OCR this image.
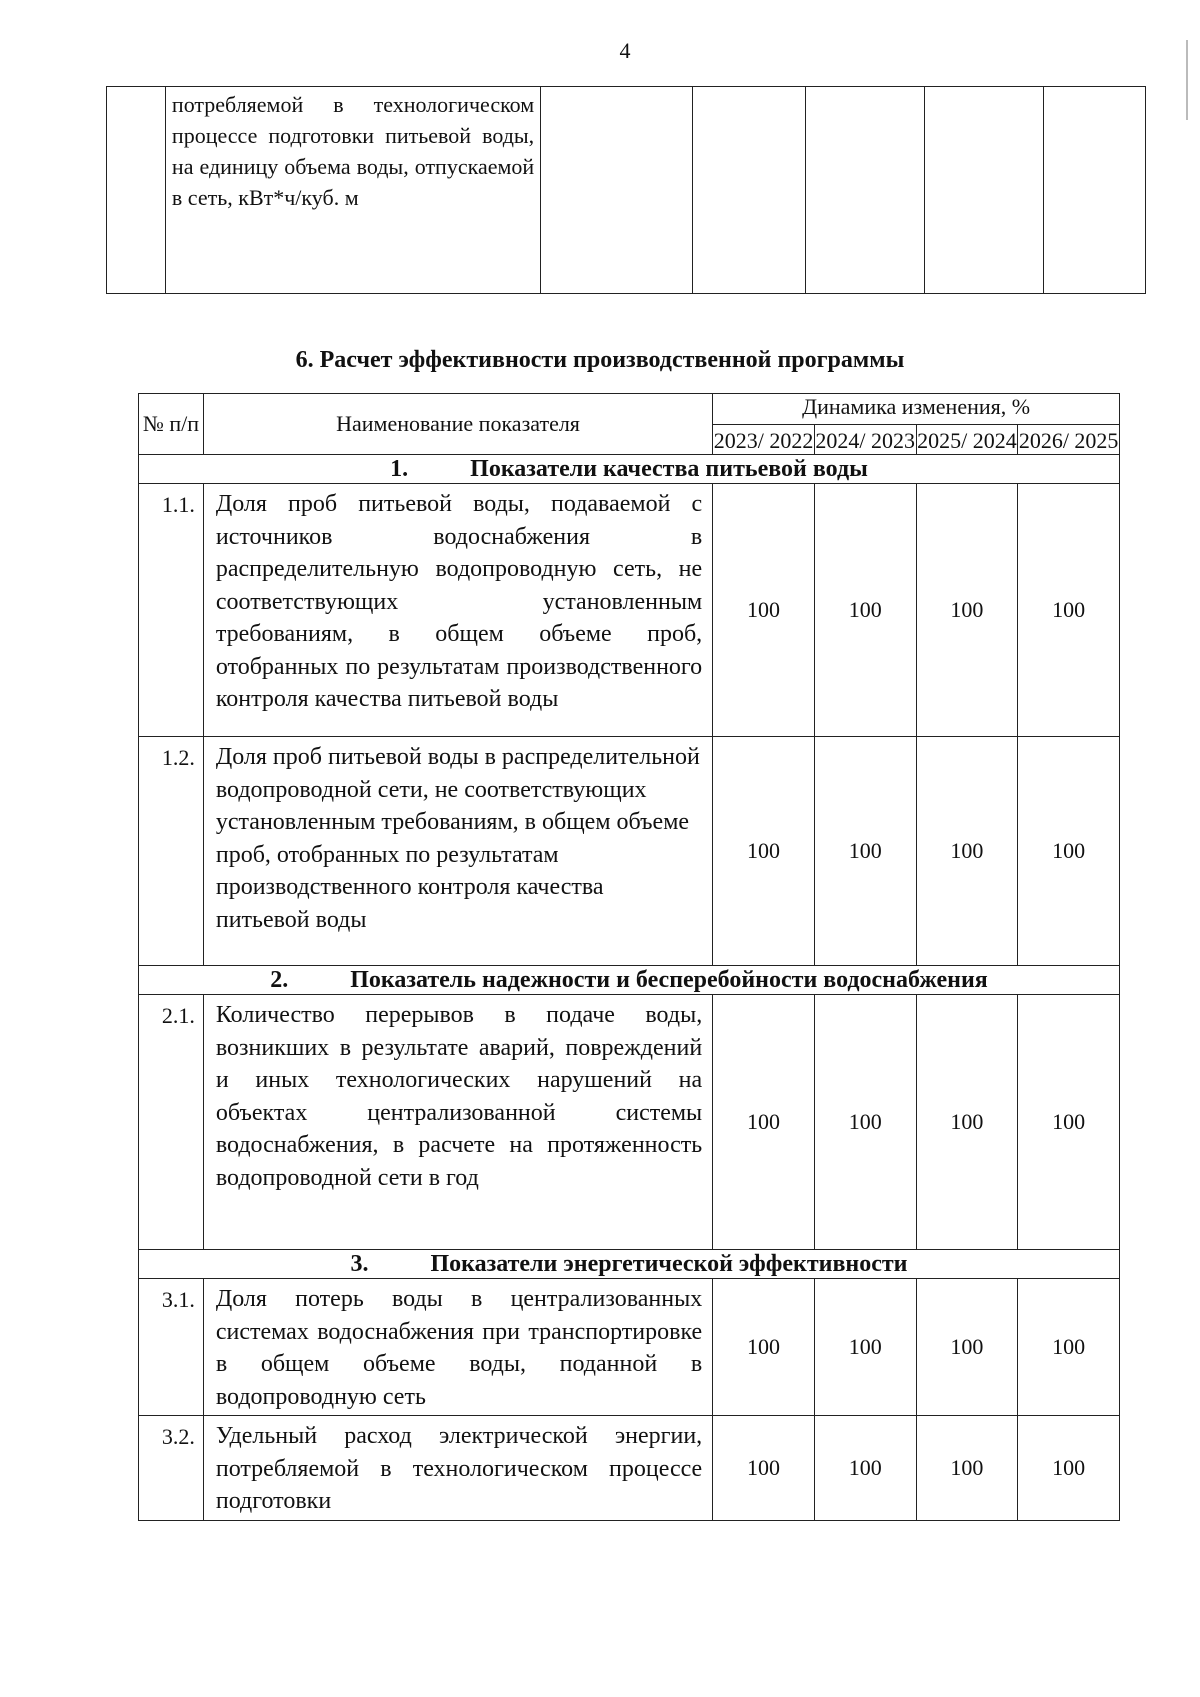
4

потребляемой в технологическом процессе подготовки питьевой воды, на единицу объема воды, отпускаемой в сеть, кВт*ч/куб. м

6. Расчет эффективности производственной программы
№ п/п	Наименование показателя	Динамика изменения, %			
		2023/ 2022	2024/ 2023	2025/ 2024	2026/ 2025
1. Показатели качества питьевой воды					
1.1.	Доля проб питьевой воды, подаваемой с источников водоснабжения в распределительную водопроводную сеть, не соответствующих установленным требованиям, в общем объеме проб, отобранных по результатам производственного контроля качества питьевой воды	100	100	100	100
1.2.	Доля проб питьевой воды в распределительной водопроводной сети, не соответствующих установленным требованиям, в общем объеме проб, отобранных по результатам производственного контроля качества питьевой воды	100	100	100	100
2. Показатель надежности и бесперебойности водоснабжения					
2.1.	Количество перерывов в подаче воды, возникших в результате аварий, повреждений и иных технологических нарушений на объектах централизованной системы водоснабжения, в расчете на протяженность водопроводной сети в год	100	100	100	100
3. Показатели энергетической эффективности					
3.1.	Доля потерь воды в централизованных системах водоснабжения при транспортировке в общем объеме воды, поданной в водопроводную сеть	100	100	100	100
3.2.	Удельный расход электрической энергии, потребляемой в технологическом процессе подготовки	100	100	100	100
